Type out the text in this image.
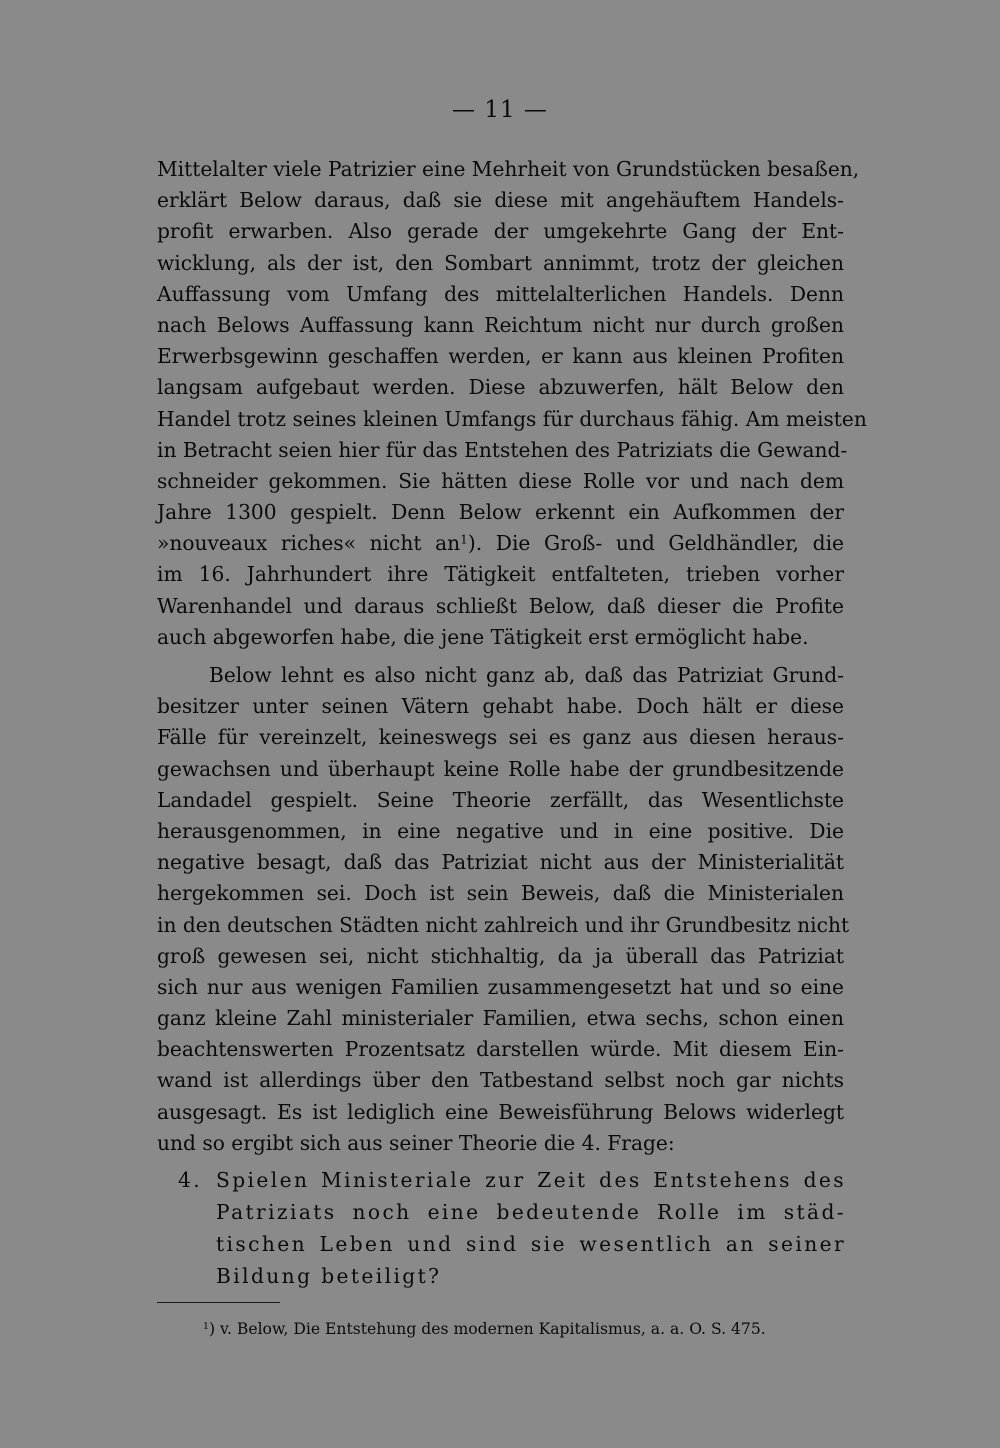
— 11 —
Mittelalter viele Patrizier eine Mehrheit von Grundstücken besaßen,
erklärt Below daraus, daß sie diese mit angehäuftem Handels-
profit erwarben. Also gerade der umgekehrte Gang der Ent-
wicklung, als der ist, den Sombart annimmt, trotz der gleichen
Auffassung vom Umfang des mittelalterlichen Handels. Denn
nach Belows Auffassung kann Reichtum nicht nur durch großen
Erwerbsgewinn geschaffen werden, er kann aus kleinen Profiten
langsam aufgebaut werden. Diese abzuwerfen, hält Below den
Handel trotz seines kleinen Umfangs für durchaus fähig. Am meisten
in Betracht seien hier für das Entstehen des Patriziats die Gewand-
schneider gekommen. Sie hätten diese Rolle vor und nach dem
Jahre 1300 gespielt. Denn Below erkennt ein Aufkommen der
»nouveaux riches« nicht $an^1$). Die Groß- und Geldhändler, die
im 16. Jahrhundert ihre Tätigkeit entfalteten, trieben vorher
Warenhandel und daraus schließt Below, daß dieser die Profite
auch abgeworfen habe, die jene Tätigkeit erst ermöglicht habe.
Below lehnt es also nicht ganz ab, daß das Patriziat Grund-
besitzer unter seinen Vätern gehabt habe. Doch hält er diese
Fälle für vereinzelt, keineswegs sei es ganz aus diesen heraus-
gewachsen und überhaupt keine Rolle habe der grundbesitzende
Landadel gespielt. Seine Theorie zerfällt, das Wesentlichste
herausgenommen, in eine negative und in eine positive. Die
negative besagt, daß das Patriziat nicht aus der Ministerialität
hergekommen sei. Doch ist sein Beweis, daß die Ministerialen
in den deutschen Städten nicht zahlreich und ihr Grundbesitz nicht
groß gewesen sei, nicht stichhaltig, da ja überall das Patriziat
sich nur aus wenigen Familien zusammengesetzt hat und so eine
ganz kleine Zahl ministerialer Familien, etwa sechs, schon einen
beachtenswerten Prozentsatz darstellen würde. Mit diesem Ein-
wand ist allerdings über den Tatbestand selbst noch gar nichts
ausgesagt. Es ist lediglich eine Beweisführung Belows widerlegt
und so ergibt sich aus seiner Theorie die 4. Frage:
4. Spielen Ministeriale zur Zeit des Entstehens des
Patriziats noch eine bedeutende Rolle im städ-
tischen Leben und sind sie wesentlich an seiner
Bildung beteiligt?
$^1$) v. Below, Die Entstehung des modernen Kapitalismus, a. a. O. S. 475.
